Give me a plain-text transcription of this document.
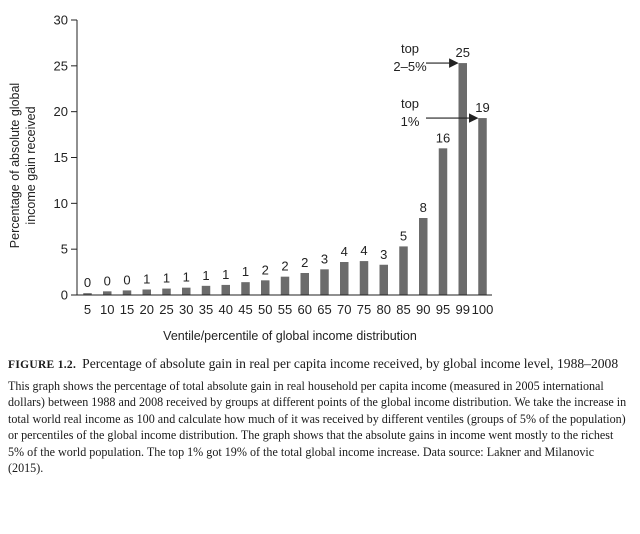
Percentage of absolute global income gain received
0
5
10
15
20
25
30
0 0 0 1 1 1 1 1 1 2 2 2 3 4 4 3
5
8
16
25
19
5 10 15 20 25 30 35 40 45 50 55 60 65 70 75 80 85 90 95 99 100
top
2–5%
top
1%
Ventile/percentile of global income distribution

FIGURE 1.2. Percentage of absolute gain in real per capita income received, by global income level, 1988–2008

This graph shows the percentage of total absolute gain in real household per capita income (measured in 2005 international dollars) between 1988 and 2008 received by groups at different points of the global income distribution. We take the increase in total world real income as 100 and calculate how much of it was received by different ventiles (groups of 5% of the population) or percentiles of the global income distribution. The graph shows that the absolute gains in income went mostly to the richest 5% of the world population. The top 1% got 19% of the total global income increase. Data source: Lakner and Milanovic (2015).
